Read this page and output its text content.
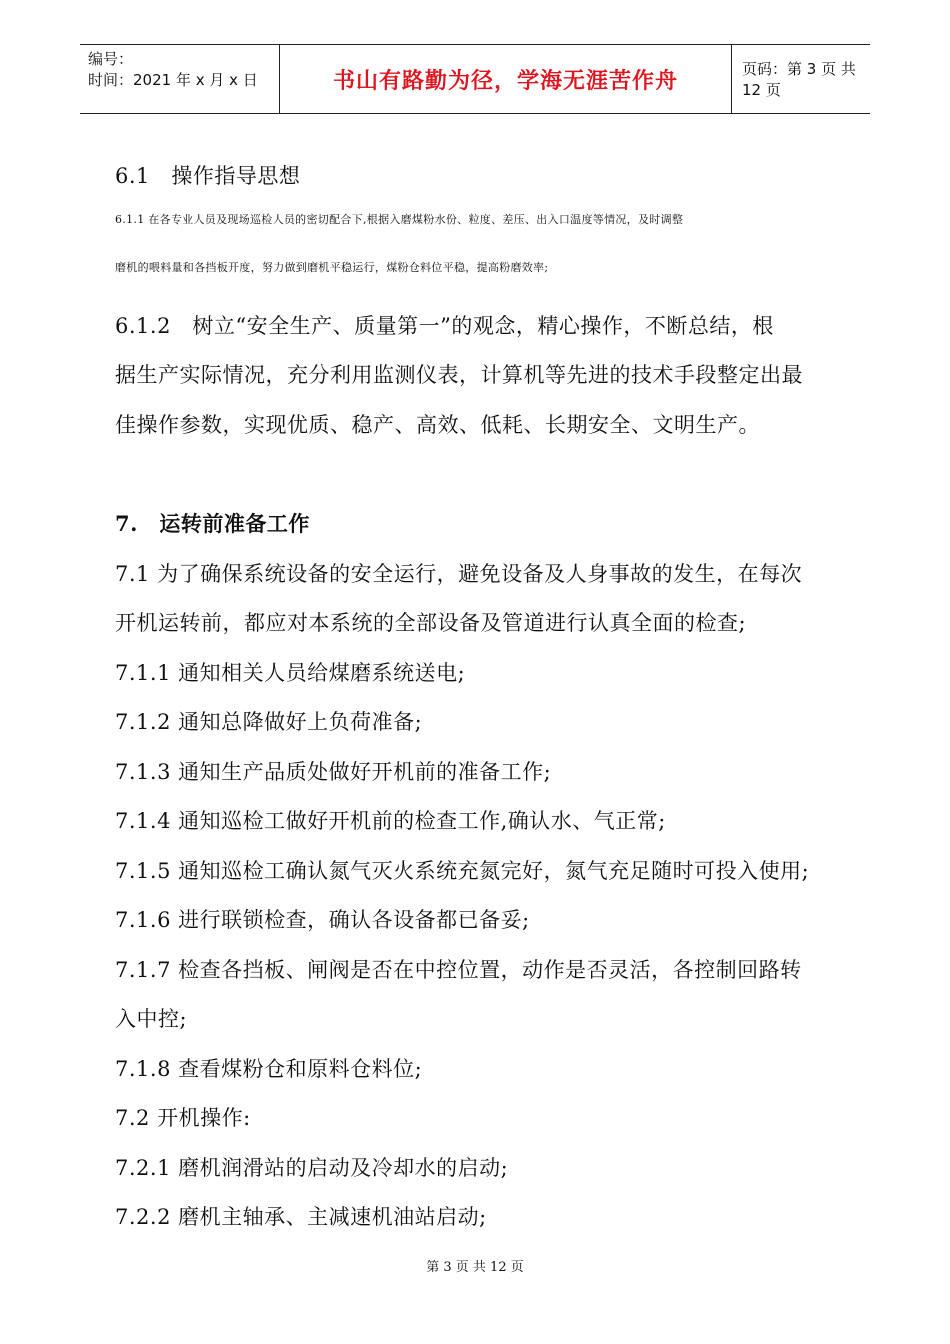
编号：
时间：2021 年 x 月 x 日	书山有路勤为径，学海无涯苦作舟	页码：第 3 页 共 12 页
6.1　操作指导思想
6.1.1 在各专业人员及现场巡检人员的密切配合下,根据入磨煤粉水份、粒度、差压、出入口温度等情况，及时调整
磨机的喂料量和各挡板开度，努力做到磨机平稳运行，煤粉仓料位平稳，提高粉磨效率;
6.1.2　树立“安全生产、质量第一”的观念，精心操作，不断总结，根
据生产实际情况，充分利用监测仪表，计算机等先进的技术手段整定出最
佳操作参数，实现优质、稳产、高效、低耗、长期安全、文明生产。
7.　运转前准备工作
7.1 为了确保系统设备的安全运行，避免设备及人身事故的发生，在每次
开机运转前，都应对本系统的全部设备及管道进行认真全面的检查;
7.1.1 通知相关人员给煤磨系统送电;
7.1.2 通知总降做好上负荷准备;
7.1.3 通知生产品质处做好开机前的准备工作;
7.1.4 通知巡检工做好开机前的检查工作,确认水、气正常;
7.1.5 通知巡检工确认氮气灭火系统充氮完好，氮气充足随时可投入使用;
7.1.6 进行联锁检查，确认各设备都已备妥;
7.1.7 检查各挡板、闸阀是否在中控位置，动作是否灵活，各控制回路转
入中控;
7.1.8 查看煤粉仓和原料仓料位;
7.2 开机操作:
7.2.1 磨机润滑站的启动及冷却水的启动;
7.2.2 磨机主轴承、主减速机油站启动;
第 3 页 共 12 页
